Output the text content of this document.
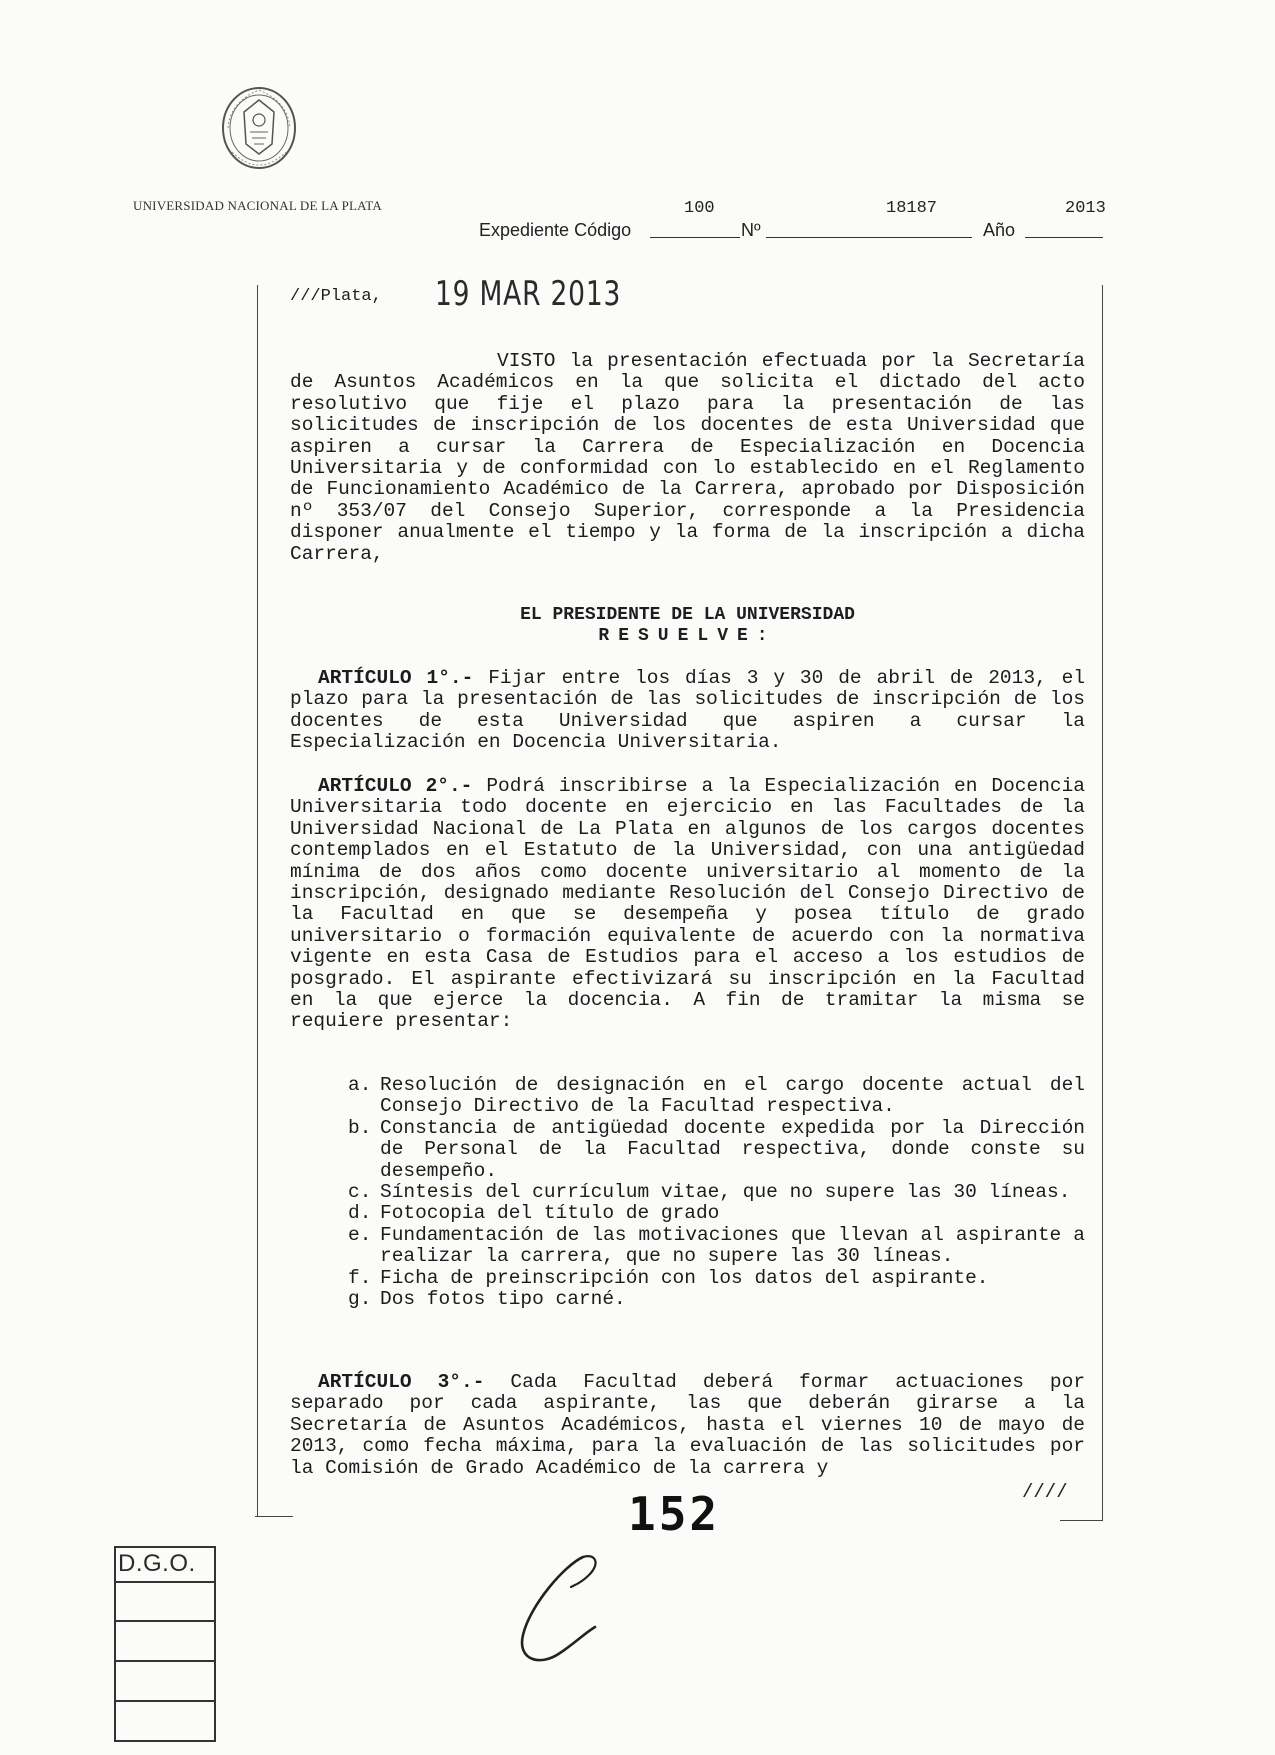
UNIVERSIDAD NACIONAL DE LA PLATA
Expediente Código
100
Nº
18187
Año
2013
///Plata, 19 MAR 2013

VISTO la presentación efectuada por la Secretaría de Asuntos Académicos en la que solicita el dictado del acto resolutivo que fije el plazo para la presentación de las solicitudes de inscripción de los docentes de esta Universidad que aspiren a cursar la Carrera de Especialización en Docencia Universitaria y de conformidad con lo establecido en el Reglamento de Funcionamiento Académico de la Carrera, aprobado por Disposición nº 353/07 del Consejo Superior, corresponde a la Presidencia disponer anualmente el tiempo y la forma de la inscripción a dicha Carrera,

EL PRESIDENTE DE LA UNIVERSIDAD
RESUELVE:

ARTÍCULO 1°.- Fijar entre los días 3 y 30 de abril de 2013, el plazo para la presentación de las solicitudes de inscripción de los docentes de esta Universidad que aspiren a cursar la Especialización en Docencia Universitaria.

ARTÍCULO 2°.- Podrá inscribirse a la Especialización en Docencia Universitaria todo docente en ejercicio en las Facultades de la Universidad Nacional de La Plata en algunos de los cargos docentes contemplados en el Estatuto de la Universidad, con una antigüedad mínima de dos años como docente universitario al momento de la inscripción, designado mediante Resolución del Consejo Directivo de la Facultad en que se desempeña y posea título de grado universitario o formación equivalente de acuerdo con la normativa vigente en esta Casa de Estudios para el acceso a los estudios de posgrado. El aspirante efectivizará su inscripción en la Facultad en la que ejerce la docencia. A fin de tramitar la misma se requiere presentar:

a. Resolución de designación en el cargo docente actual del Consejo Directivo de la Facultad respectiva.
b. Constancia de antigüedad docente expedida por la Dirección de Personal de la Facultad respectiva, donde conste su desempeño.
c. Síntesis del currículum vitae, que no supere las 30 líneas.
d. Fotocopia del título de grado
e. Fundamentación de las motivaciones que llevan al aspirante a realizar la carrera, que no supere las 30 líneas.
f. Ficha de preinscripción con los datos del aspirante.
g. Dos fotos tipo carné.

ARTÍCULO 3°.- Cada Facultad deberá formar actuaciones por separado por cada aspirante, las que deberán girarse a la Secretaría de Asuntos Académicos, hasta el viernes 10 de mayo de 2013, como fecha máxima, para la evaluación de las solicitudes por la Comisión de Grado Académico de la carrera y

////
152
D.G.O.
